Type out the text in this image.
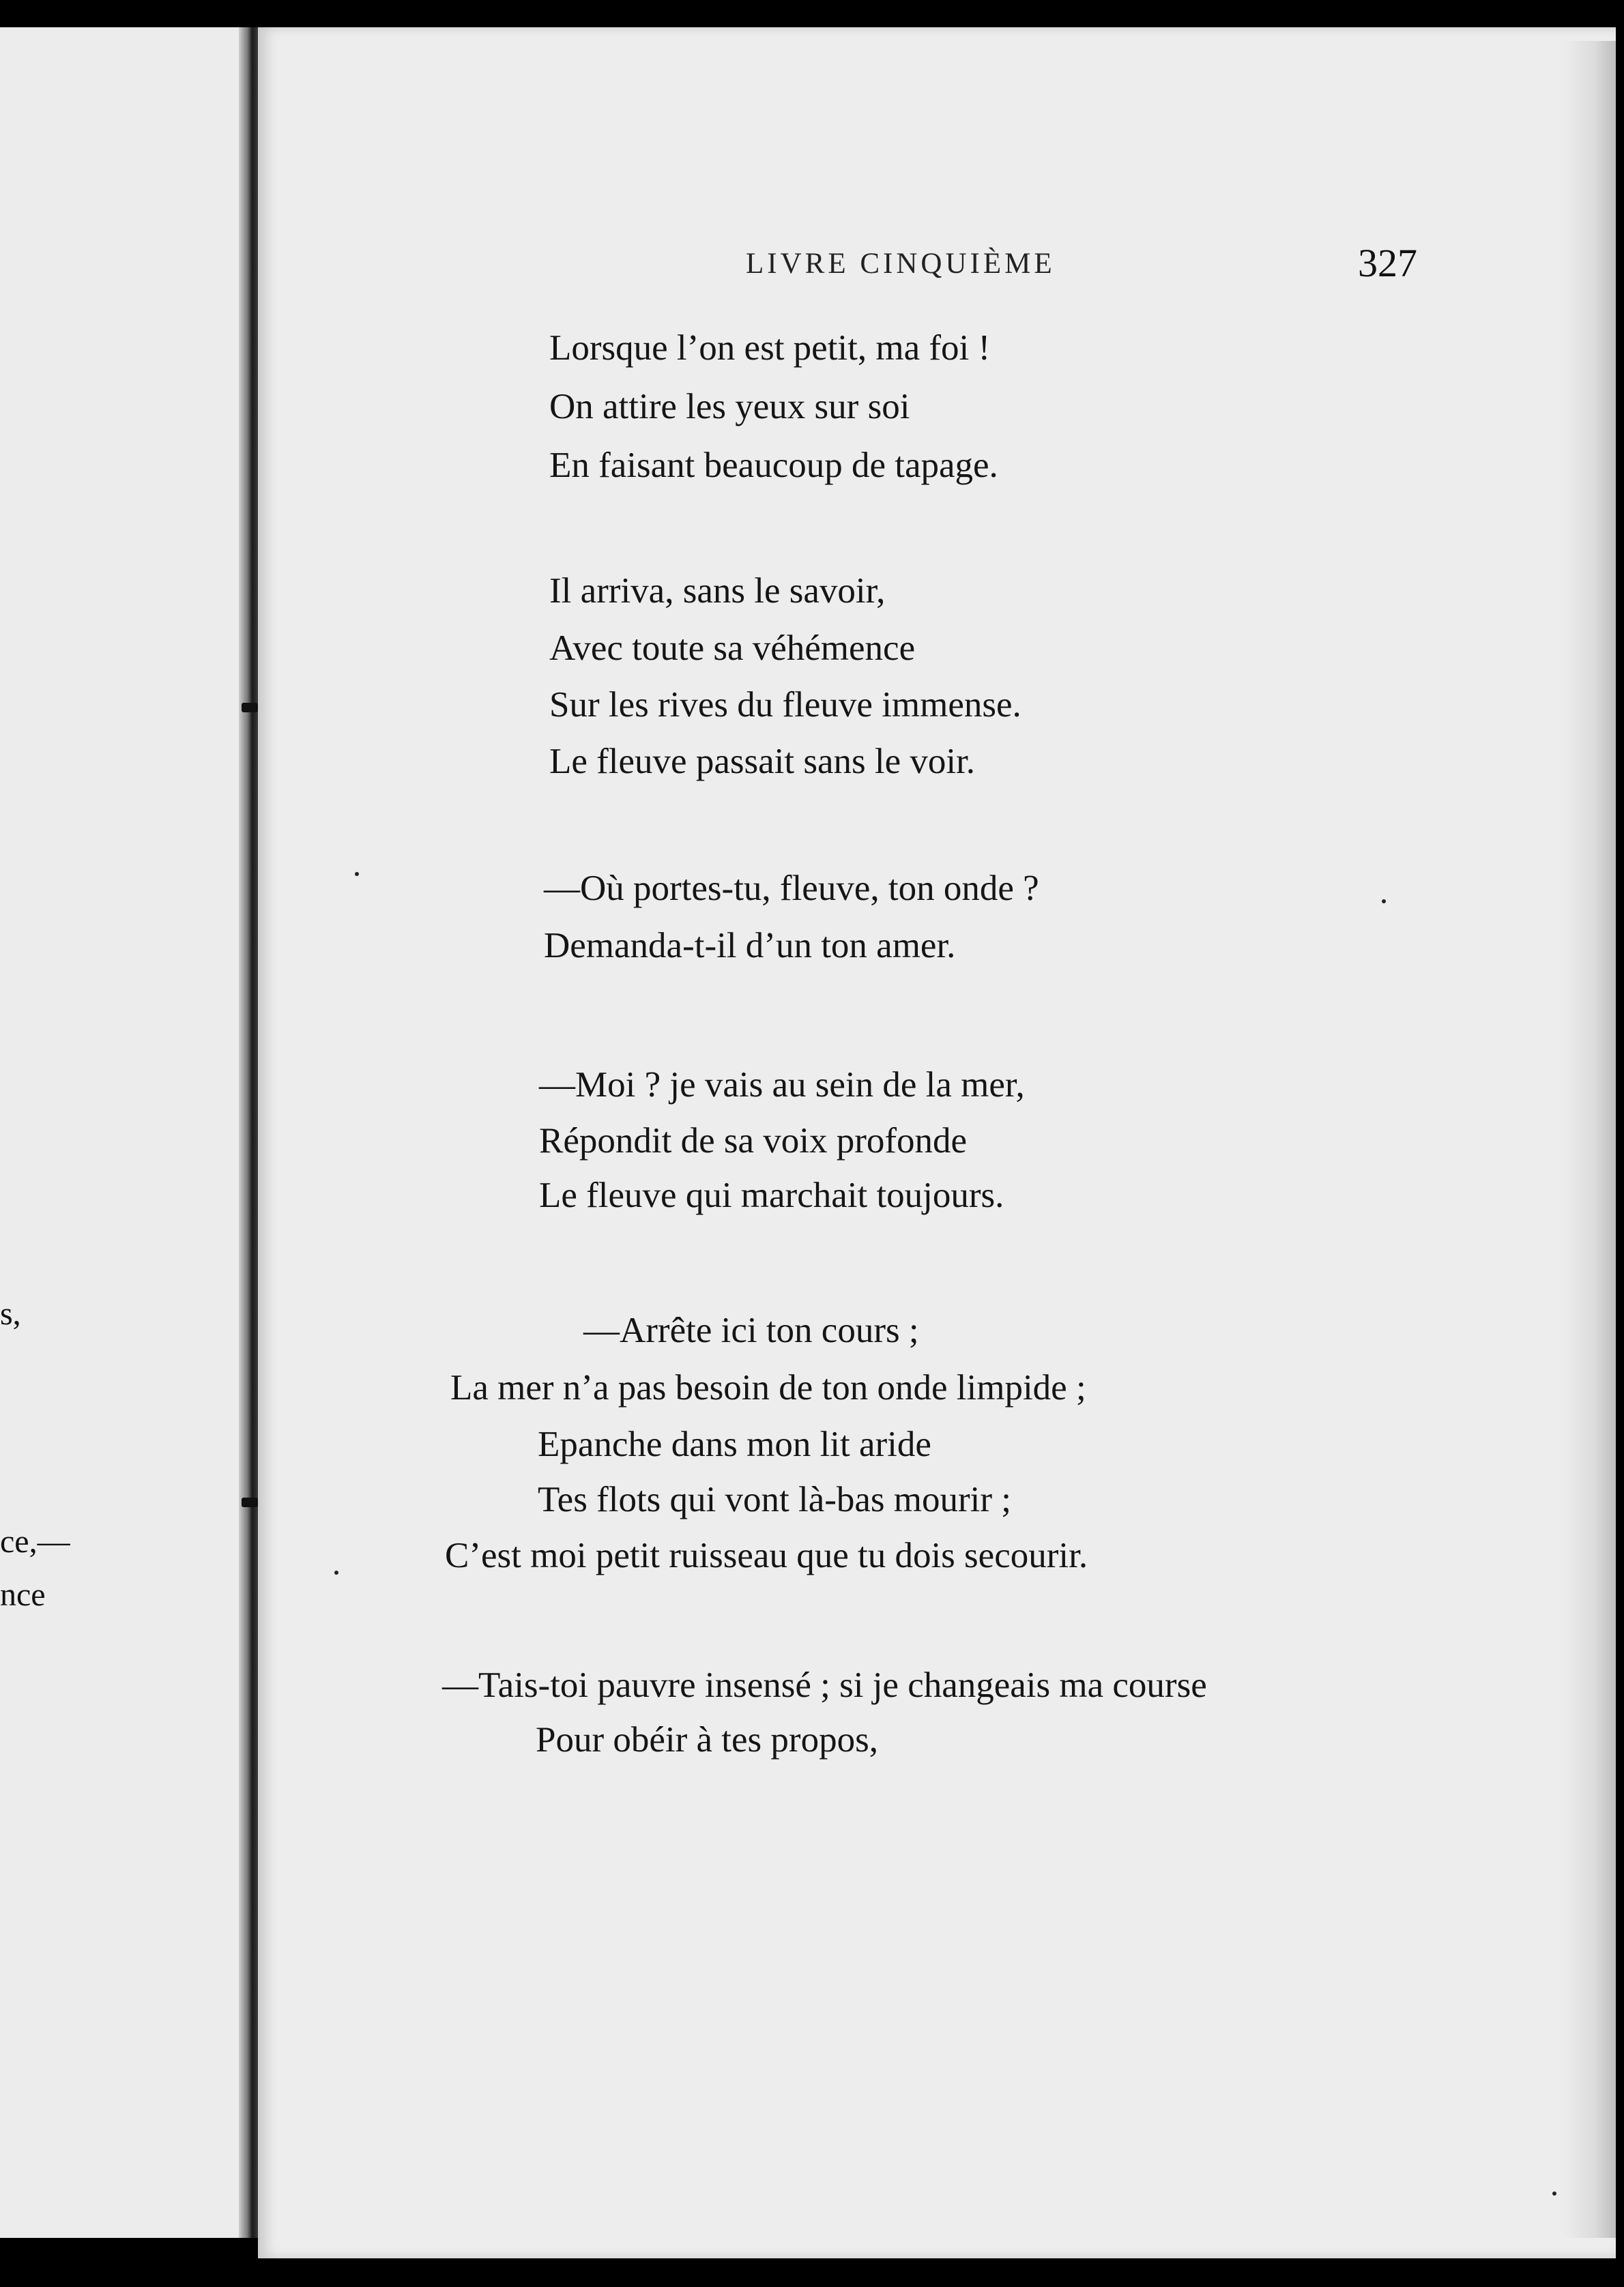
s,
ce,—
nce
LIVRE CINQUIÈME	327
Lorsque l’on est petit, ma foi !
On attire les yeux sur soi
En faisant beaucoup de tapage.
Il arriva, sans le savoir,
Avec toute sa véhémence
Sur les rives du fleuve immense.
Le fleuve passait sans le voir.
—Où portes-tu, fleuve, ton onde ?
Demanda-t-il d’un ton amer.
—Moi ? je vais au sein de la mer,
Répondit de sa voix profonde
Le fleuve qui marchait toujours.
—Arrête ici ton cours ;
La mer n’a pas besoin de ton onde limpide ;
Epanche dans mon lit aride
Tes flots qui vont là-bas mourir ;
C’est moi petit ruisseau que tu dois secourir.
—Tais-toi pauvre insensé ; si je changeais ma course
Pour obéir à tes propos,
